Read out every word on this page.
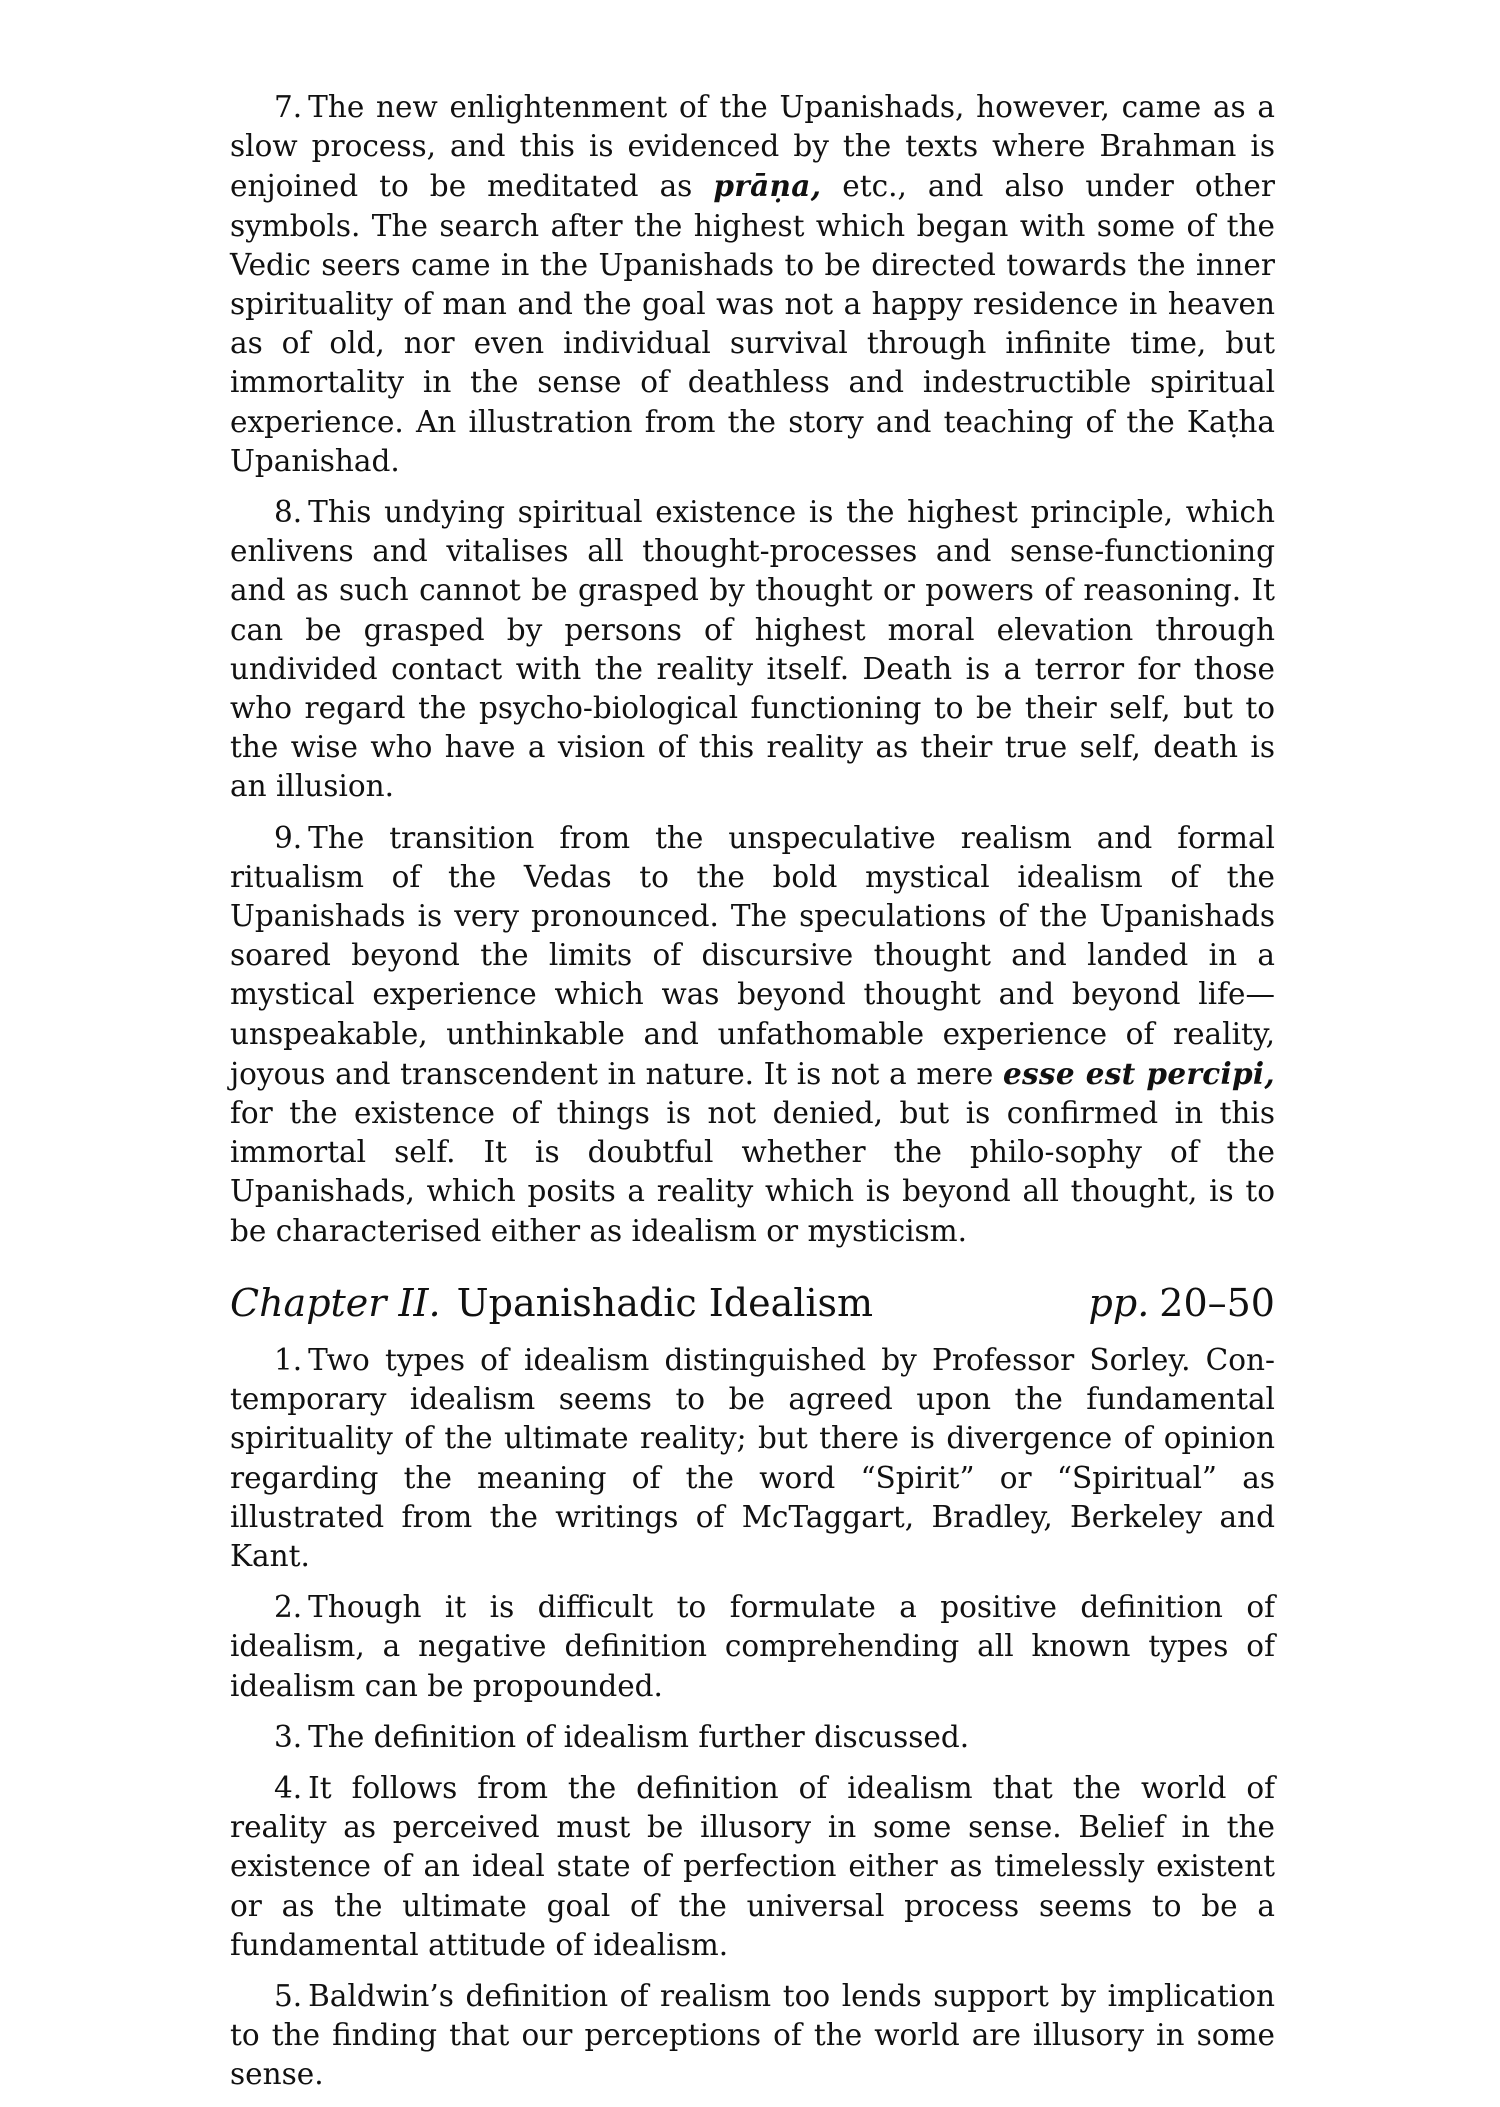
7. The new enlightenment of the Upanishads, however, came as a slow process, and this is evidenced by the texts where Brahman is enjoined to be meditated as prāṇa, etc., and also under other symbols. The search after the highest which began with some of the Vedic seers came in the Upanishads to be directed towards the inner spirituality of man and the goal was not a happy residence in heaven as of old, nor even individual survival through infinite time, but immortality in the sense of deathless and indestructible spiritual experience. An illustration from the story and teaching of the Kaṭha Upanishad.

8. This undying spiritual existence is the highest principle, which enlivens and vitalises all thought-processes and sense-functioning and as such cannot be grasped by thought or powers of reasoning. It can be grasped by persons of highest moral elevation through undivided contact with the reality itself. Death is a terror for those who regard the psycho-biological functioning to be their self, but to the wise who have a vision of this reality as their true self, death is an illusion.

9. The transition from the unspeculative realism and formal ritualism of the Vedas to the bold mystical idealism of the Upanishads is very pronounced. The speculations of the Upanishads soared beyond the limits of discursive thought and landed in a mystical experience which was beyond thought and beyond life—unspeakable, unthinkable and unfathomable experience of reality, joyous and transcendent in nature. It is not a mere esse est percipi, for the existence of things is not denied, but is confirmed in this immortal self. It is doubtful whether the philo-sophy of the Upanishads, which posits a reality which is beyond all thought, is to be characterised either as idealism or mysticism.

Chapter II. Upanishadic Idealism	pp. 20–50

1. Two types of idealism distinguished by Professor Sorley. Con-temporary idealism seems to be agreed upon the fundamental spirituality of the ultimate reality; but there is divergence of opinion regarding the meaning of the word “Spirit” or “Spiritual” as illustrated from the writings of McTaggart, Bradley, Berkeley and Kant.

2. Though it is difficult to formulate a positive definition of idealism, a negative definition comprehending all known types of idealism can be propounded.

3. The definition of idealism further discussed.

4. It follows from the definition of idealism that the world of reality as perceived must be illusory in some sense. Belief in the existence of an ideal state of perfection either as timelessly existent or as the ultimate goal of the universal process seems to be a fundamental attitude of idealism.

5. Baldwin’s definition of realism too lends support by implication to the finding that our perceptions of the world are illusory in some sense.
